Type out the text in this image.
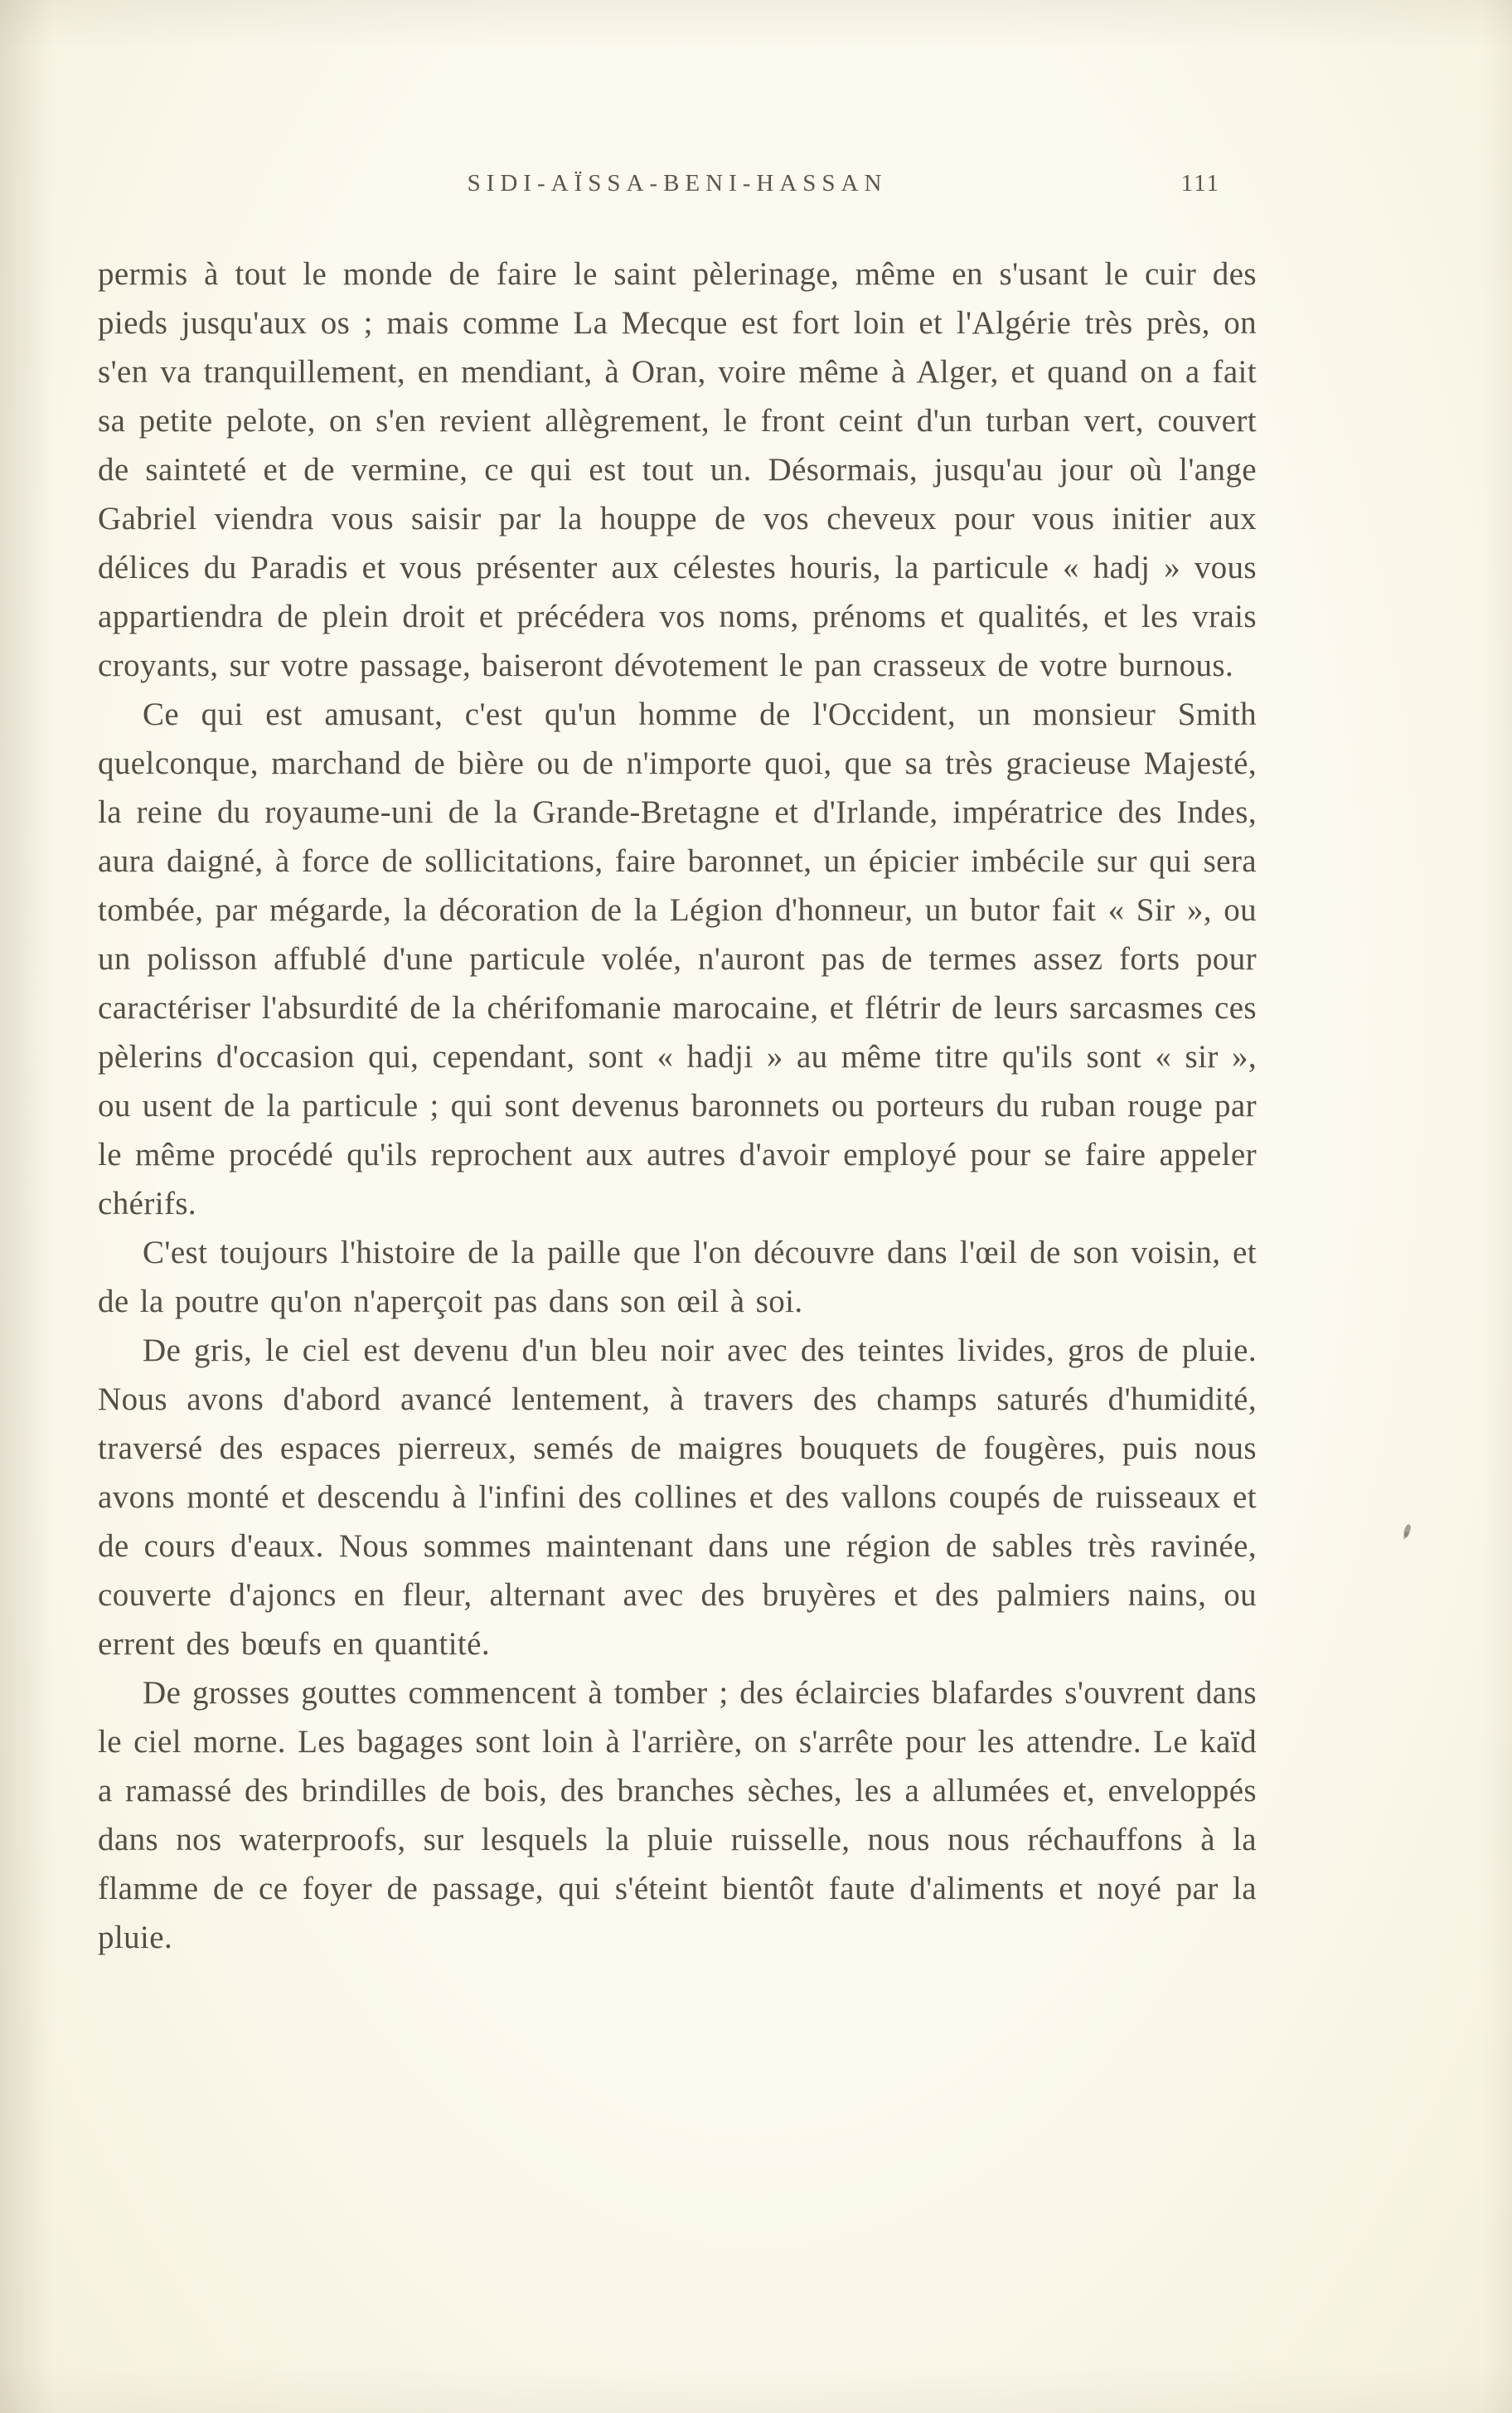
SIDI-AÏSSA-BENI-HASSAN	111

permis à tout le monde de faire le saint pèlerinage, même en s'usant le cuir des pieds jusqu'aux os ; mais comme La Mecque est fort loin et l'Algérie très près, on s'en va tranquillement, en mendiant, à Oran, voire même à Alger, et quand on a fait sa petite pelote, on s'en revient allègrement, le front ceint d'un turban vert, couvert de sainteté et de vermine, ce qui est tout un. Désormais, jusqu'au jour où l'ange Gabriel viendra vous saisir par la houppe de vos cheveux pour vous initier aux délices du Paradis et vous présenter aux célestes houris, la particule « hadj » vous appartiendra de plein droit et précédera vos noms, prénoms et qualités, et les vrais croyants, sur votre passage, baiseront dévotement le pan crasseux de votre burnous.

Ce qui est amusant, c'est qu'un homme de l'Occident, un monsieur Smith quelconque, marchand de bière ou de n'importe quoi, que sa très gracieuse Majesté, la reine du royaume-uni de la Grande-Bretagne et d'Irlande, impératrice des Indes, aura daigné, à force de sollicitations, faire baronnet, un épicier imbécile sur qui sera tombée, par mégarde, la décoration de la Légion d'honneur, un butor fait « Sir », ou un polisson affublé d'une particule volée, n'auront pas de termes assez forts pour caractériser l'absurdité de la chérifomanie marocaine, et flétrir de leurs sarcasmes ces pèlerins d'occasion qui, cependant, sont « hadji » au même titre qu'ils sont « sir », ou usent de la particule ; qui sont devenus baronnets ou porteurs du ruban rouge par le même procédé qu'ils reprochent aux autres d'avoir employé pour se faire appeler chérifs.

C'est toujours l'histoire de la paille que l'on découvre dans l'œil de son voisin, et de la poutre qu'on n'aperçoit pas dans son œil à soi.

De gris, le ciel est devenu d'un bleu noir avec des teintes livides, gros de pluie. Nous avons d'abord avancé lentement, à travers des champs saturés d'humidité, traversé des espaces pierreux, semés de maigres bouquets de fougères, puis nous avons monté et descendu à l'infini des collines et des vallons coupés de ruisseaux et de cours d'eaux. Nous sommes maintenant dans une région de sables très ravinée, couverte d'ajoncs en fleur, alternant avec des bruyères et des palmiers nains, ou errent des bœufs en quantité.

De grosses gouttes commencent à tomber ; des éclaircies blafardes s'ouvrent dans le ciel morne. Les bagages sont loin à l'arrière, on s'arrête pour les attendre. Le kaïd a ramassé des brindilles de bois, des branches sèches, les a allumées et, enveloppés dans nos waterproofs, sur lesquels la pluie ruisselle, nous nous réchauffons à la flamme de ce foyer de passage, qui s'éteint bientôt faute d'aliments et noyé par la pluie.
